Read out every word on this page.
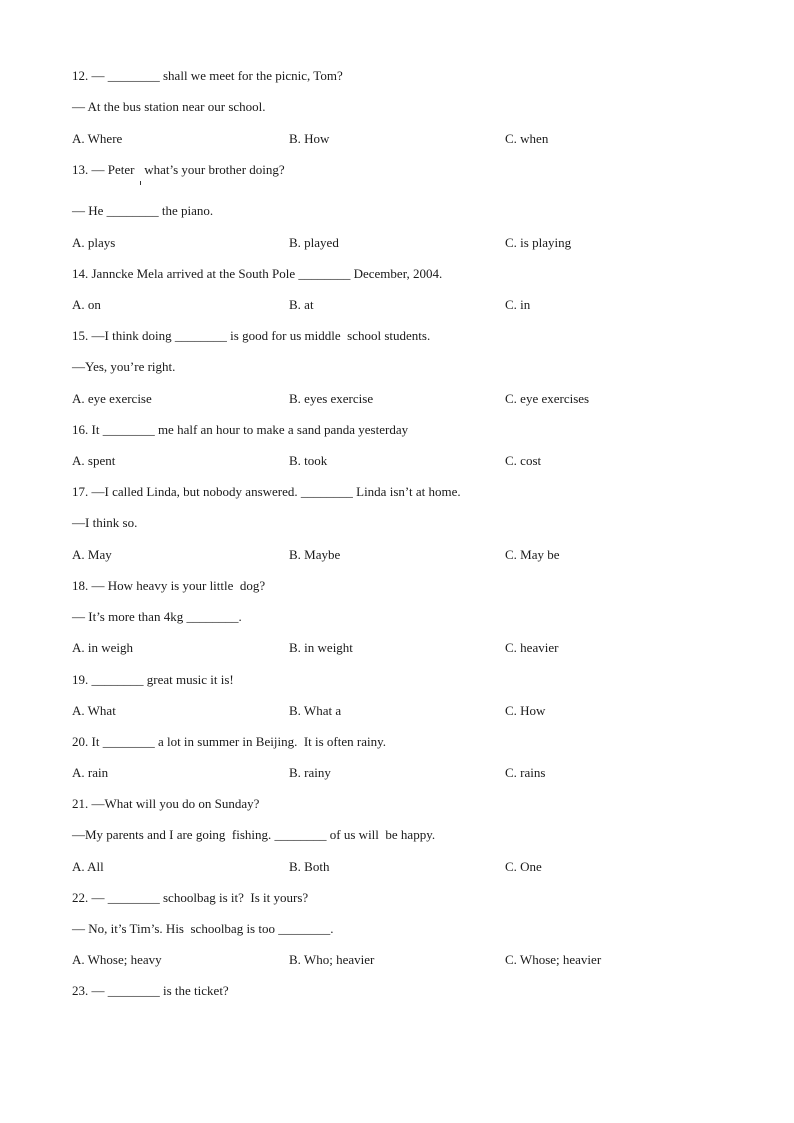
12. — ________ shall we meet for the picnic, Tom?
— At the bus station near our school.
A. Where	B. How	C. when
13. — Peter   what’s your brother doing?
— He ________ the piano.
A. plays	B. played	C. is playing
14. Janncke Mela arrived at the South Pole ________ December, 2004.
A. on	B. at	C. in
15. —I think doing ________ is good for us middle  school students.
—Yes, you’re right.
A. eye exercise	B. eyes exercise	C. eye exercises
16. It ________ me half an hour to make a sand panda yesterday
A. spent	B. took	C. cost
17. —I called Linda, but nobody answered. ________ Linda isn’t at home.
—I think so.
A. May	B. Maybe	C. May be
18. — How heavy is your little  dog?
— It’s more than 4kg ________.
A. in weigh	B. in weight	C. heavier
19. ________ great music it is!
A. What	B. What a	C. How
20. It ________ a lot in summer in Beijing.  It is often rainy.
A. rain	B. rainy	C. rains
21. —What will you do on Sunday?
—My parents and I are going  fishing. ________ of us will  be happy.
A. All	B. Both	C. One
22. — ________ schoolbag is it?  Is it yours?
— No, it’s Tim’s. His  schoolbag is too ________.
A. Whose; heavy	B. Who; heavier	C. Whose; heavier
23. — ________ is the ticket?
